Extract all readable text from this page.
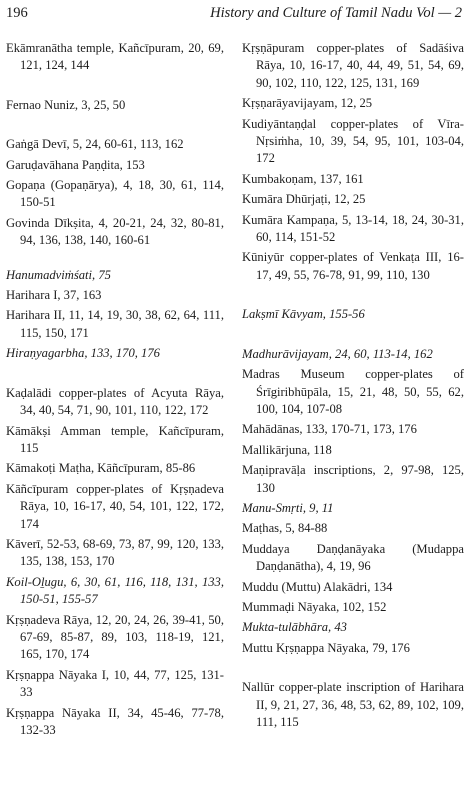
196	History and Culture of Tamil Nadu Vol — 2
Ekāmranātha temple, Kañcīpuram, 20, 69, 121, 124, 144
Fernao Nuniz, 3, 25, 50
Gaṅgā Devī, 5, 24, 60-61, 113, 162
Garuḍavāhana Paṇḍita, 153
Gopaṇa (Gopaṇārya), 4, 18, 30, 61, 114, 150-51
Govinda Dīkṣita, 4, 20-21, 24, 32, 80-81, 94, 136, 138, 140, 160-61
Hanumadviṁśati, 75
Harihara I, 37, 163
Harihara II, 11, 14, 19, 30, 38, 62, 64, 111, 115, 150, 171
Hiraṇyagarbha, 133, 170, 176
Kaḍalādi copper-plates of Acyuta Rāya, 34, 40, 54, 71, 90, 101, 110, 122, 172
Kāmākṣi Amman temple, Kañcīpuram, 115
Kāmakoṭi Maṭha, Kāñcīpuram, 85-86
Kāñcīpuram copper-plates of Kṛṣṇadeva Rāya, 10, 16-17, 40, 54, 101, 122, 172, 174
Kāverī, 52-53, 68-69, 73, 87, 99, 120, 133, 135, 138, 153, 170
Koil-Oḻugu, 6, 30, 61, 116, 118, 131, 133, 150-51, 155-57
Kṛṣṇadeva Rāya, 12, 20, 24, 26, 39-41, 50, 67-69, 85-87, 89, 103, 118-19, 121, 165, 170, 174
Kṛṣṇappa Nāyaka I, 10, 44, 77, 125, 131-33
Kṛṣṇappa Nāyaka II, 34, 45-46, 77-78, 132-33
Kṛṣṇāpuram copper-plates of Sadāśiva Rāya, 10, 16-17, 40, 44, 49, 51, 54, 69, 90, 102, 110, 122, 125, 131, 169
Kṛṣṇarāyavijayam, 12, 25
Kudiyāntaṇḍal copper-plates of Vīra-Nṛsiṁha, 10, 39, 54, 95, 101, 103-04, 172
Kumbakoṇam, 137, 161
Kumāra Dhūrjaṭi, 12, 25
Kumāra Kampaṇa, 5, 13-14, 18, 24, 30-31, 60, 114, 151-52
Kūniyūr copper-plates of Venkaṭa III, 16-17, 49, 55, 76-78, 91, 99, 110, 130
Lakṣmī Kāvyam, 155-56
Madhurāvijayam, 24, 60, 113-14, 162
Madras Museum copper-plates of Śrīgiribhūpāla, 15, 21, 48, 50, 55, 62, 100, 104, 107-08
Mahādānas, 133, 170-71, 173, 176
Mallikārjuna, 118
Maṇipravāḷa inscriptions, 2, 97-98, 125, 130
Manu-Smṛti, 9, 11
Maṭhas, 5, 84-88
Muddaya Daṇḍanāyaka (Mudappa Daṇḍanātha), 4, 19, 96
Muddu (Muttu) Alakādri, 134
Mummaḍi Nāyaka, 102, 152
Mukta-tulābhāra, 43
Muttu Kṛṣṇappa Nāyaka, 79, 176
Nallūr copper-plate inscription of Harihara II, 9, 21, 27, 36, 48, 53, 62, 89, 102, 109, 111, 115
